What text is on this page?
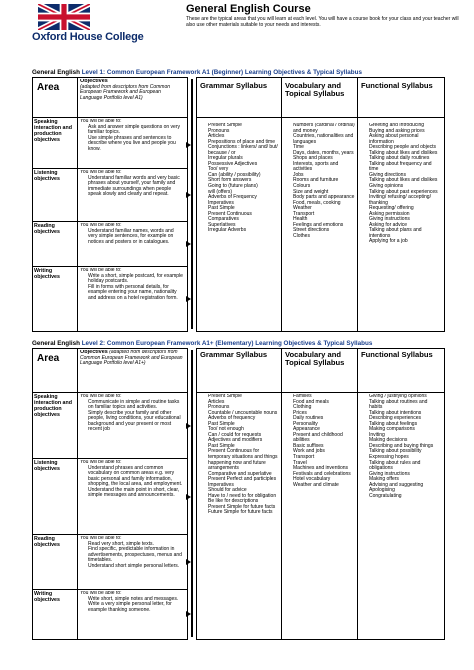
Oxford House College
General English Course
These are the typical areas that you will learn at each level. You will have a course book for your class and your teacher will also use other materials suitable to your needs and interests.
General English Level 1: Common European Framework A1 (Beginner) Learning Objectives & Typical Syllabus
Area
Objectives
(adapted from descriptors from Common European Framework and European Language Portfolio level A1)
Speaking interaction and production objectives

You will be able to:

• Ask and answer simple questions on very familiar topics.
• Use simple phrases and sentences to describe where you live and people you know.
Listening objectives

You will be able to:

• Understand familiar words and very basic phrases about yourself, your family and immediate surroundings when people speak slowly and clearly and repeat.
Reading objectives

You will be able to:

• Understand familiar names, words and very simple sentences, for example on notices and posters or in catalogues.
Writing objectives

You will be able to:

• Write a short, simple postcard, for example holiday postcards.
• Fill in forms with personal details, for example entering your name, nationality and address on a hotel registration form.
Grammar Syllabus	Vocabulary and Topical Syllabus
Functional Syllabus
• Present Simple
• Pronouns
• Articles
• Prepositions of place and time
• Conjunctions : linkers/ and/ but/ because / or
• Irregular plurals
• Possessive Adjectives
• Too/ very
• Can (ability / possibility)
• Short form answers
• Going to (future plans)
• will (offers)
• Adverbs of Frequency
• Imperatives
• Past Simple
• Present Continuous
• Comparatives
• Superlatives
• Irregular Adverbs
• Numbers (cardinal / ordinal) and money
• Countries, nationalities and languages
• Time
• Days, dates, months, years
• Shops and places
• Interests, sports and activities
• Jobs
• Rooms and furniture
• Colours
• Size and weight
• Body parts and appearance
• Food, meals, cooking
• Weather
• Transport
• Health
• Feelings and emotions
• Street directions
• Clothes
• Greeting and Introducing
• Buying and asking prices
• Asking about personal information
• Describing people and objects
• Talking about likes and dislikes
• Talking about daily routines
• Talking about frequency and time
• Giving directions
• Talking about likes and dislikes
• Giving opinions
• Talking about past experiences
• Inviting/ refusing/ accepting/ thanking
• Requesting/ offering
• Asking permission
• Giving instructions
• Asking for advice
• Talking about plans and intentions
• Applying for a job
General English Level 2: Common European Framework A1+ (Elementary) Learning Objectives & Typical Syllabus
Area
Objectives (adapted from descriptors from Common European Framework and European Language Portfolio level A1+)
Speaking interaction and production objectives

You will be able to:

• Communicate in simple and routine tasks on familiar topics and activities.
• Simply describe your family and other people, living conditions, your educational background and your present or most recent job
Listening objectives

You will be able to:

• Understand phrases and common vocabulary on common areas e.g. very basic personal and family information, shopping, the local area, and employment.
• Understand the main point in short, clear, simple messages and announcements.
Reading objectives

You will be able to:

• Read very short, simple texts.
• Find specific, predictable information in advertisements, prospectuses, menus and timetables.
• Understand short simple personal letters.
Writing objectives

You will be able to:

• Write short, simple notes and messages.
• Write a very simple personal letter, for example thanking someone.
Grammar Syllabus	Vocabulary and Topical Syllabus
Functional Syllabus
• Present Simple
• Articles
• Pronouns
• Countable / uncountable nouns
• Adverbs of frequency
• Past Simple
• Too/ not enough
• Can / could for requests
• Adjectives and modifiers
• Past Simple
• Present Continuous for temporary situations and things happening now and future arrangements
• Comparative and superlative
• Present Perfect and participles
• Imperatives
• Should for advice
• Have to / need to for obligation
• Be like for descriptions
• Present Simple for future facts
• Future Simple for future facts
• Families
• Food and meals
• Clothing
• Prices
• Daily routines
• Personality
• Appearance
• Present and childhood abilities
• Basic suffixes
• Work and jobs
• Transport
• Travel
• Machines and inventions
• Festivals and celebrations
• Hotel vocabulary
• Weather and climate
• Giving / justifying opinions
• Talking about routines and habits
• Talking about intentions
• Describing experiences
• Talking about feelings
• Making comparisons
• Inviting
• Making decisions
• Describing and buying things
• Talking about possibility
• Expressing hopes
• Talking about rules and obligations
• Giving instructions
• Making offers
• Advising and suggesting
• Apologising
• Congratulating
